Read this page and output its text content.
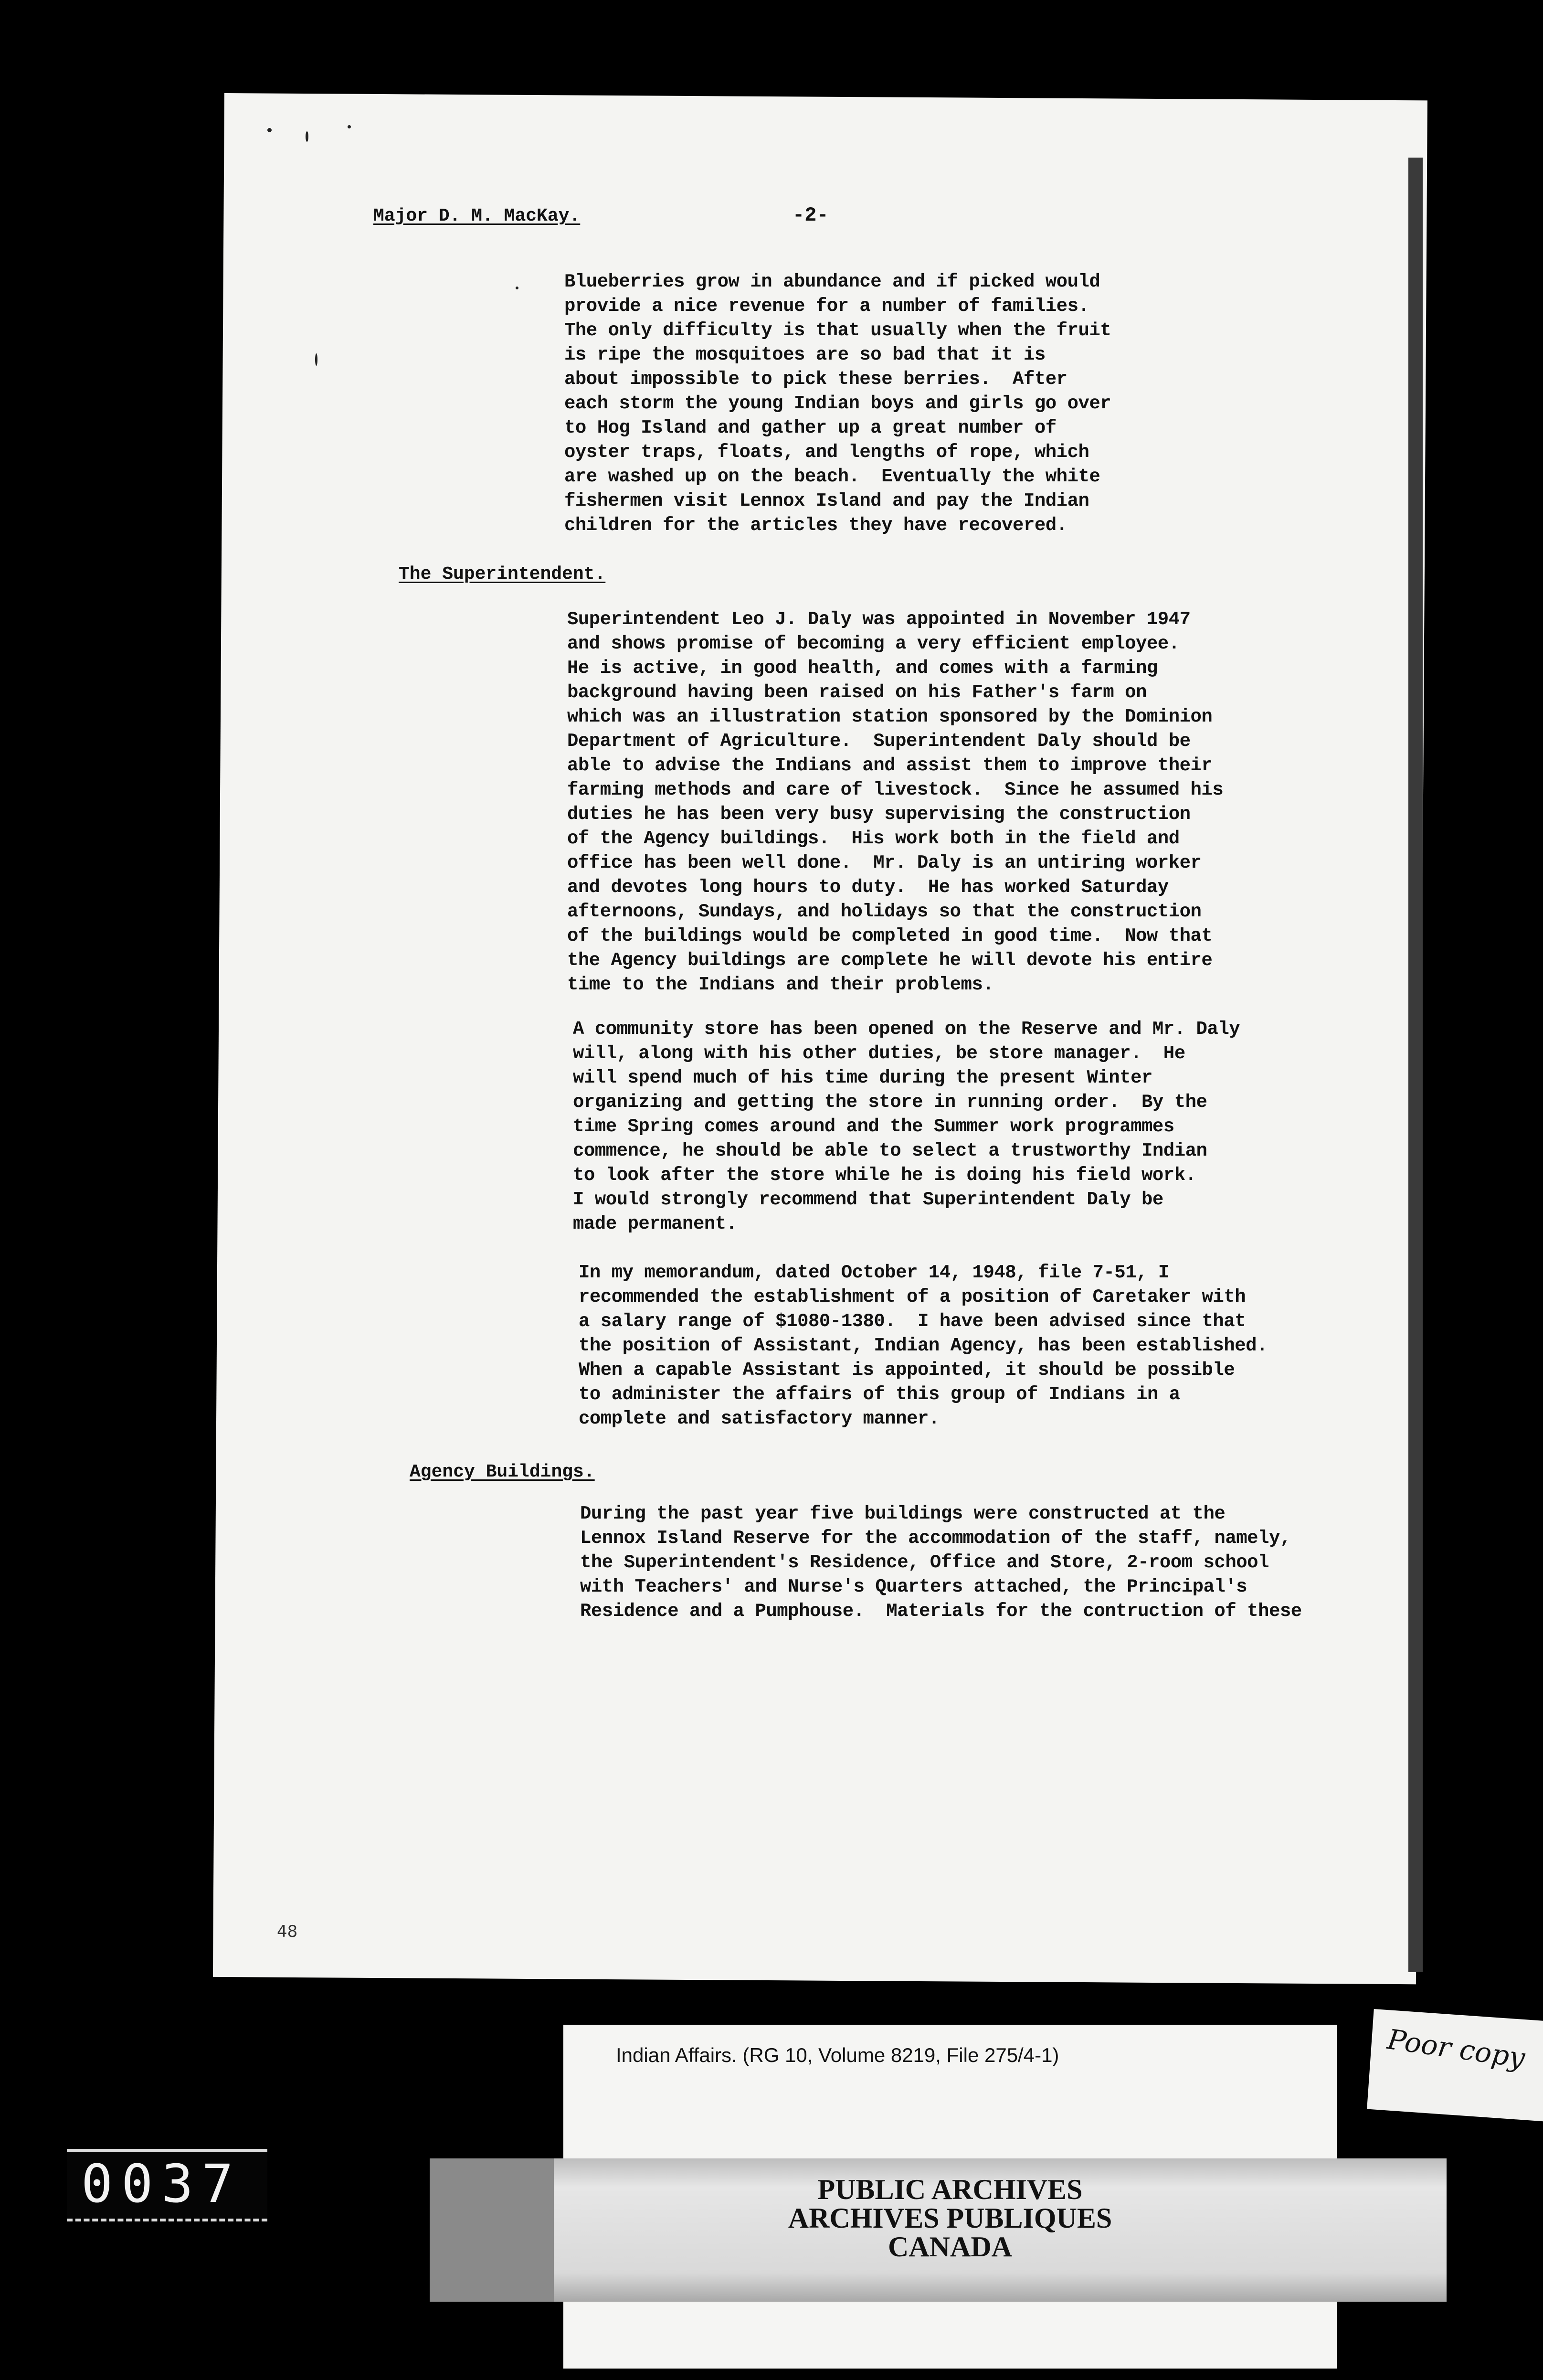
Major D. M. MacKay.	-2-
Blueberries grow in abundance and if picked would
provide a nice revenue for a number of families.
The only difficulty is that usually when the fruit
is ripe the mosquitoes are so bad that it is
about impossible to pick these berries.  After
each storm the young Indian boys and girls go over
to Hog Island and gather up a great number of
oyster traps, floats, and lengths of rope, which
are washed up on the beach.  Eventually the white
fishermen visit Lennox Island and pay the Indian
children for the articles they have recovered.
The Superintendent.
Superintendent Leo J. Daly was appointed in November 1947
and shows promise of becoming a very efficient employee.
He is active, in good health, and comes with a farming
background having been raised on his Father's farm on
which was an illustration station sponsored by the Dominion
Department of Agriculture.  Superintendent Daly should be
able to advise the Indians and assist them to improve their
farming methods and care of livestock.  Since he assumed his
duties he has been very busy supervising the construction
of the Agency buildings.  His work both in the field and
office has been well done.  Mr. Daly is an untiring worker
and devotes long hours to duty.  He has worked Saturday
afternoons, Sundays, and holidays so that the construction
of the buildings would be completed in good time.  Now that
the Agency buildings are complete he will devote his entire
time to the Indians and their problems.
A community store has been opened on the Reserve and Mr. Daly
will, along with his other duties, be store manager.  He
will spend much of his time during the present Winter
organizing and getting the store in running order.  By the
time Spring comes around and the Summer work programmes
commence, he should be able to select a trustworthy Indian
to look after the store while he is doing his field work.
I would strongly recommend that Superintendent Daly be
made permanent.
In my memorandum, dated October 14, 1948, file 7-51, I
recommended the establishment of a position of Caretaker with
a salary range of $1080-1380.  I have been advised since that
the position of Assistant, Indian Agency, has been established.
When a capable Assistant is appointed, it should be possible
to administer the affairs of this group of Indians in a
complete and satisfactory manner.
Agency Buildings.
During the past year five buildings were constructed at the
Lennox Island Reserve for the accommodation of the staff, namely,
the Superintendent's Residence, Office and Store, 2-room school
with Teachers' and Nurse's Quarters attached, the Principal's
Residence and a Pumphouse.  Materials for the contruction of these
48
0037
Indian Affairs. (RG 10, Volume 8219, File 275/4-1)
PUBLIC ARCHIVES
ARCHIVES PUBLIQUES
CANADA
Poor copy
